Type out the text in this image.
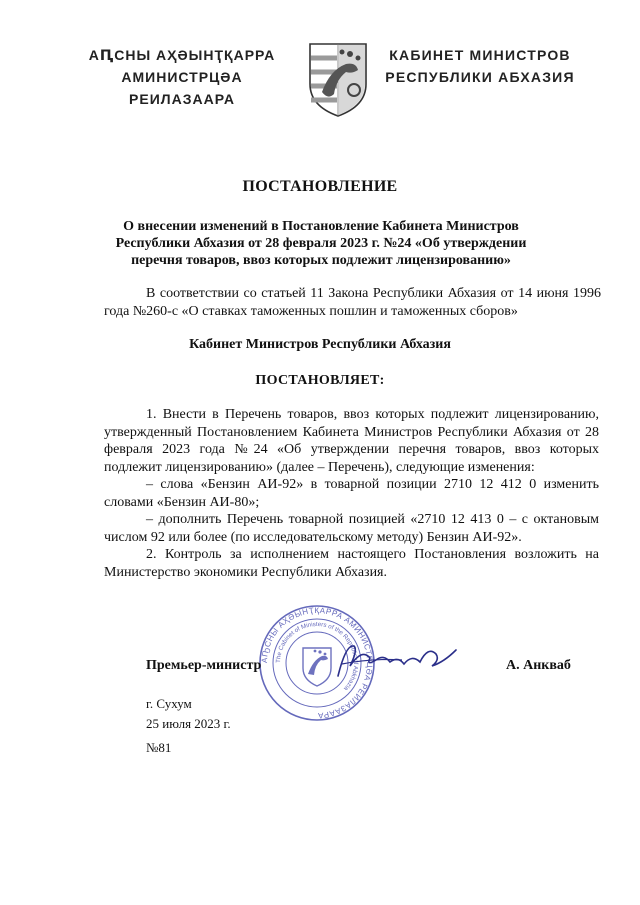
АԤСНЫ АҲӘЫНҬҚАРРА
АМИНИСТРЦӘА РЕИЛАЗААРА
КАБИНЕТ МИНИСТРОВ
РЕСПУБЛИКИ АБХАЗИЯ
ПОСТАНОВЛЕНИЕ
О внесении изменений в Постановление Кабинета Министров Республики Абхазия от 28 февраля 2023 г. №24 «Об утверждении перечня товаров, ввоз которых подлежит лицензированию»
В соответствии со статьей 11 Закона Республики Абхазия от 14 июня 1996 года №260-с «О ставках таможенных пошлин и таможенных сборов»
Кабинет Министров Республики Абхазия
ПОСТАНОВЛЯЕТ:

1. Внести в Перечень товаров, ввоз которых подлежит лицензированию, утвержденный Постановлением Кабинета Министров Республики Абхазия от 28 февраля 2023 года №24 «Об утверждении перечня товаров, ввоз которых подлежит лицензированию» (далее – Перечень), следующие изменения:

– слова «Бензин АИ-92» в товарной позиции 2710 12 412 0 изменить словами «Бензин АИ-80»;

– дополнить Перечень товарной позицией «2710 12 413 0 – с октановым числом 92 или более (по исследовательскому методу) Бензин АИ-92».

2. Контроль за исполнением настоящего Постановления возложить на Министерство экономики Республики Абхазия.

АҦСНЫ АҲӘЫНҬҚАРРА АМИНИСТРЦӘА РЕИЛАЗААРА
The Cabinet of Ministers of the Republic of Abkhazia
Премьер-министр	А. Анкваб
г. Сухум
25 июля 2023 г.
№81
